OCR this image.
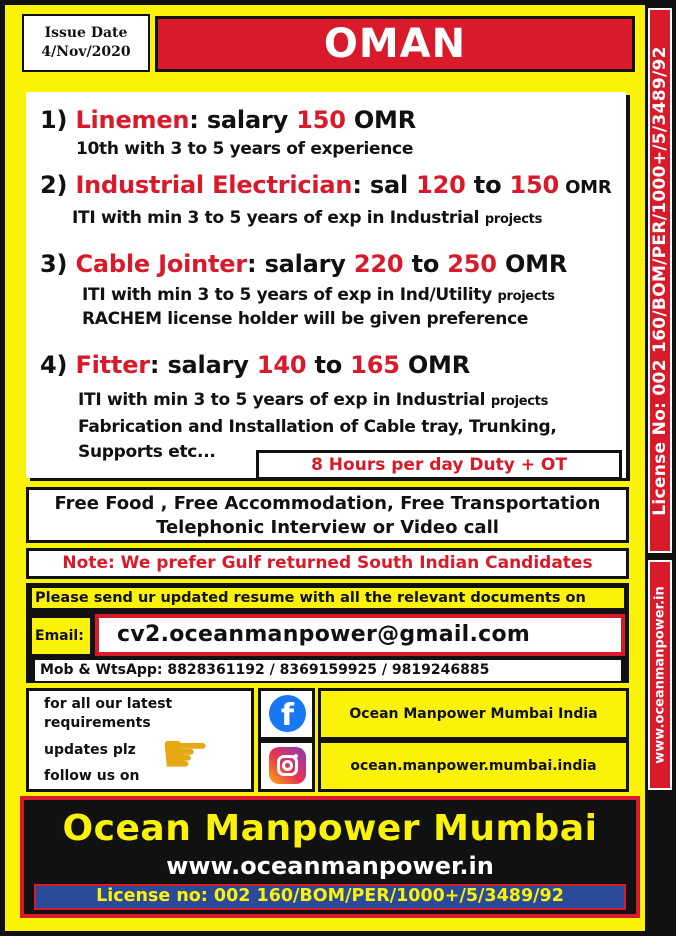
License No: 002 160/BOM/PER/1000+/5/3489/92
www.oceanmanpower.in
Issue Date
4/Nov/2020	OMAN
1) Linemen: salary 150 OMR
10th with 3 to 5 years of experience
2) Industrial Electrician: sal 120 to 150 OMR
ITI with min 3 to 5 years of exp in Industrial projects
3) Cable Jointer: salary 220 to 250 OMR
ITI with min 3 to 5 years of exp in Ind/Utility projects
RACHEM license holder will be given preference
4) Fitter: salary 140 to 165 OMR
ITI with min 3 to 5 years of exp in Industrial projects
Fabrication and Installation of Cable tray, Trunking,
Supports etc...
8 Hours per day Duty + OT
Free Food , Free Accommodation, Free Transportation
Telephonic Interview or Video call
Note: We prefer Gulf returned South Indian Candidates
Please send ur updated resume with all the relevant documents on
Email:	cv2.oceanmanpower@gmail.com
Mob & WtsApp: 8828361192 / 8369159925 / 9819246885
for all our latest
requirements
updates plz
follow us on ☛
f	Ocean Manpower Mumbai India
ocean.manpower.mumbai.india
Ocean Manpower Mumbai
www.oceanmanpower.in
License no: 002 160/BOM/PER/1000+/5/3489/92
